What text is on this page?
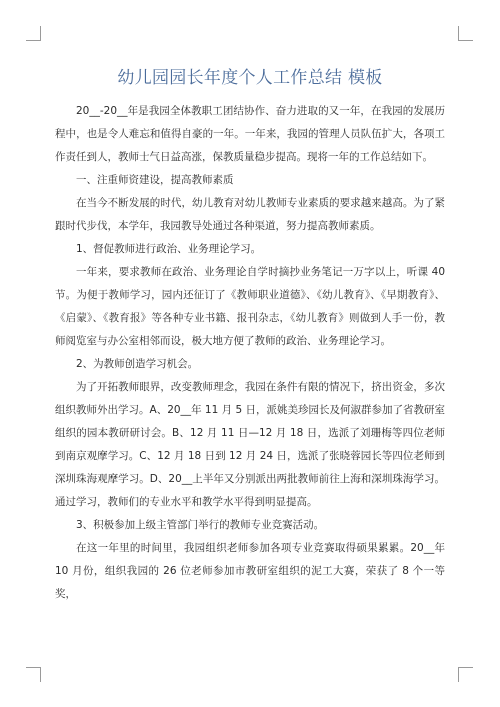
幼儿园园长年度个人工作总结 模板

20__-20__年是我园全体教职工团结协作、奋力进取的又一年，在我园的发展历程中，也是令人难忘和值得自豪的一年。一年来，我园的管理人员队伍扩大，各项工作责任到人，教师士气日益高涨，保教质量稳步提高。现将一年的工作总结如下。

一、注重师资建设，提高教师素质

在当今不断发展的时代，幼儿教育对幼儿教师专业素质的要求越来越高。为了紧跟时代步伐，本学年，我园教导处通过各种渠道，努力提高教师素质。

1、督促教师进行政治、业务理论学习。

一年来，要求教师在政治、业务理论自学时摘抄业务笔记一万字以上，听课 40 节。为便于教师学习，园内还征订了《教师职业道德》、《幼儿教育》、《早期教育》、《启蒙》、《教育报》等各种专业书籍、报刊杂志，《幼儿教育》则做到人手一份，教师阅览室与办公室相邻而设，极大地方便了教师的政治、业务理论学习。

2、为教师创造学习机会。

为了开拓教师眼界，改变教师理念，我园在条件有限的情况下，挤出资金，多次组织教师外出学习。A、20__年 11 月 5 日，派姚美珍园长及何淑群参加了省教研室组织的园本教研研讨会。B、12 月 11 日—12 月 18 日，选派了刘珊梅等四位老师到南京观摩学习。C、12 月 18 日到 12 月 24 日，选派了张晓蓉园长等四位老师到深圳珠海观摩学习。D、20__上半年又分别派出两批教师前往上海和深圳珠海学习。通过学习，教师们的专业水平和教学水平得到明显提高。

3、积极参加上级主管部门举行的教师专业竞赛活动。

在这一年里的时间里，我园组织老师参加各项专业竞赛取得硕果累累。20__年 10 月份，组织我园的 26 位老师参加市教研室组织的泥工大赛，荣获了 8 个一等奖，
